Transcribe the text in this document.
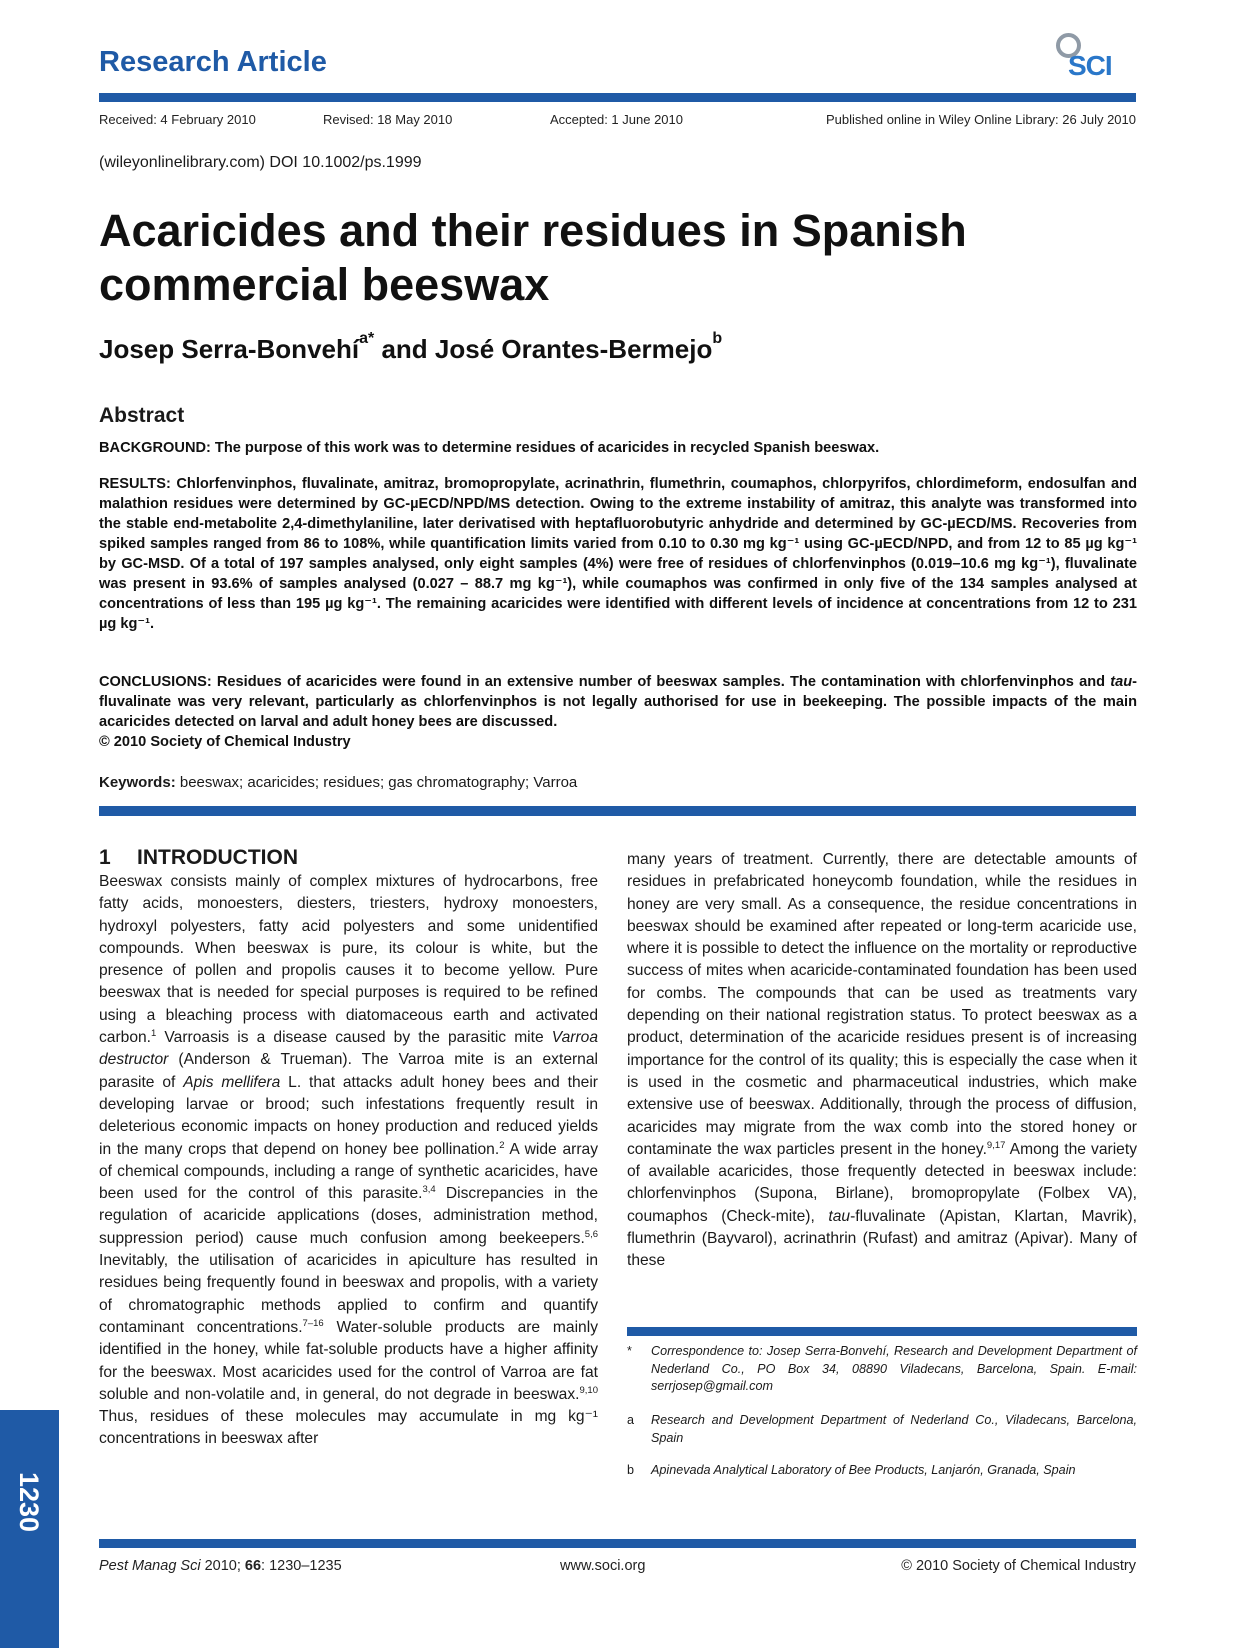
Research Article	SCI
Received: 4 February 2010	Revised: 18 May 2010	Accepted: 1 June 2010	Published online in Wiley Online Library: 26 July 2010
(wileyonlinelibrary.com) DOI 10.1002/ps.1999
Acaricides and their residues in Spanish
commercial beeswax
Josep Serra-Bonvehí$^{a*}$ and José Orantes-Bermejo$^b$
Abstract
BACKGROUND: The purpose of this work was to determine residues of acaricides in recycled Spanish beeswax.
RESULTS: Chlorfenvinphos, fluvalinate, amitraz, bromopropylate, acrinathrin, flumethrin, coumaphos, chlorpyrifos, chlordimeform, endosulfan and malathion residues were determined by GC-µECD/NPD/MS detection. Owing to the extreme instability of amitraz, this analyte was transformed into the stable end-metabolite 2,4-dimethylaniline, later derivatised with heptafluorobutyric anhydride and determined by GC-µECD/MS. Recoveries from spiked samples ranged from 86 to 108%, while quantification limits varied from 0.10 to 0.30 mg kg⁻¹ using GC-µECD/NPD, and from 12 to 85 µg kg⁻¹ by GC-MSD. Of a total of 197 samples analysed, only eight samples (4%) were free of residues of chlorfenvinphos (0.019–10.6 mg kg⁻¹), fluvalinate was present in 93.6% of samples analysed (0.027 – 88.7 mg kg⁻¹), while coumaphos was confirmed in only five of the 134 samples analysed at concentrations of less than 195 µg kg⁻¹. The remaining acaricides were identified with different levels of incidence at concentrations from 12 to 231 µg kg⁻¹.
CONCLUSIONS: Residues of acaricides were found in an extensive number of beeswax samples. The contamination with chlorfenvinphos and tau-fluvalinate was very relevant, particularly as chlorfenvinphos is not legally authorised for use in beekeeping. The possible impacts of the main acaricides detected on larval and adult honey bees are discussed.
© 2010 Society of Chemical Industry
Keywords: beeswax; acaricides; residues; gas chromatography; Varroa
1 INTRODUCTION
Beeswax consists mainly of complex mixtures of hydrocarbons, free fatty acids, monoesters, diesters, triesters, hydroxy monoesters, hydroxyl polyesters, fatty acid polyesters and some unidentified compounds. When beeswax is pure, its colour is white, but the presence of pollen and propolis causes it to become yellow. Pure beeswax that is needed for special purposes is required to be refined using a bleaching process with diatomaceous earth and activated carbon.$^1$ Varroasis is a disease caused by the parasitic mite Varroa destructor (Anderson & Trueman). The Varroa mite is an external parasite of Apis mellifera L. that attacks adult honey bees and their developing larvae or brood; such infestations frequently result in deleterious economic impacts on honey production and reduced yields in the many crops that depend on honey bee pollination.$^2$ A wide array of chemical compounds, including a range of synthetic acaricides, have been used for the control of this parasite.$^{3,4}$ Discrepancies in the regulation of acaricide applications (doses, administration method, suppression period) cause much confusion among beekeepers.$^{5,6}$ Inevitably, the utilisation of acaricides in apiculture has resulted in residues being frequently found in beeswax and propolis, with a variety of chromatographic methods applied to confirm and quantify contaminant concentrations.$^{7-16}$ Water-soluble products are mainly identified in the honey, while fat-soluble products have a higher affinity for the beeswax. Most acaricides used for the control of Varroa are fat soluble and non-volatile and, in general, do not degrade in beeswax.$^{9,10}$ Thus, residues of these molecules may accumulate in mg kg⁻¹ concentrations in beeswax after
many years of treatment. Currently, there are detectable amounts of residues in prefabricated honeycomb foundation, while the residues in honey are very small. As a consequence, the residue concentrations in beeswax should be examined after repeated or long-term acaricide use, where it is possible to detect the influence on the mortality or reproductive success of mites when acaricide-contaminated foundation has been used for combs. The compounds that can be used as treatments vary depending on their national registration status. To protect beeswax as a product, determination of the acaricide residues present is of increasing importance for the control of its quality; this is especially the case when it is used in the cosmetic and pharmaceutical industries, which make extensive use of beeswax. Additionally, through the process of diffusion, acaricides may migrate from the wax comb into the stored honey or contaminate the wax particles present in the honey.$^{9,17}$ Among the variety of available acaricides, those frequently detected in beeswax include: chlorfenvinphos (Supona, Birlane), bromopropylate (Folbex VA), coumaphos (Check-mite), tau-fluvalinate (Apistan, Klartan, Mavrik), flumethrin (Bayvarol), acrinathrin (Rufast) and amitraz (Apivar). Many of these
*	Correspondence to: Josep Serra-Bonvehí, Research and Development Department of Nederland Co., PO Box 34, 08890 Viladecans, Barcelona, Spain. E-mail: serrjosep@gmail.com
a	Research and Development Department of Nederland Co., Viladecans, Barcelona, Spain
b	Apinevada Analytical Laboratory of Bee Products, Lanjarón, Granada, Spain
1230
Pest Manag Sci 2010; 66: 1230–1235	www.soci.org	© 2010 Society of Chemical Industry
